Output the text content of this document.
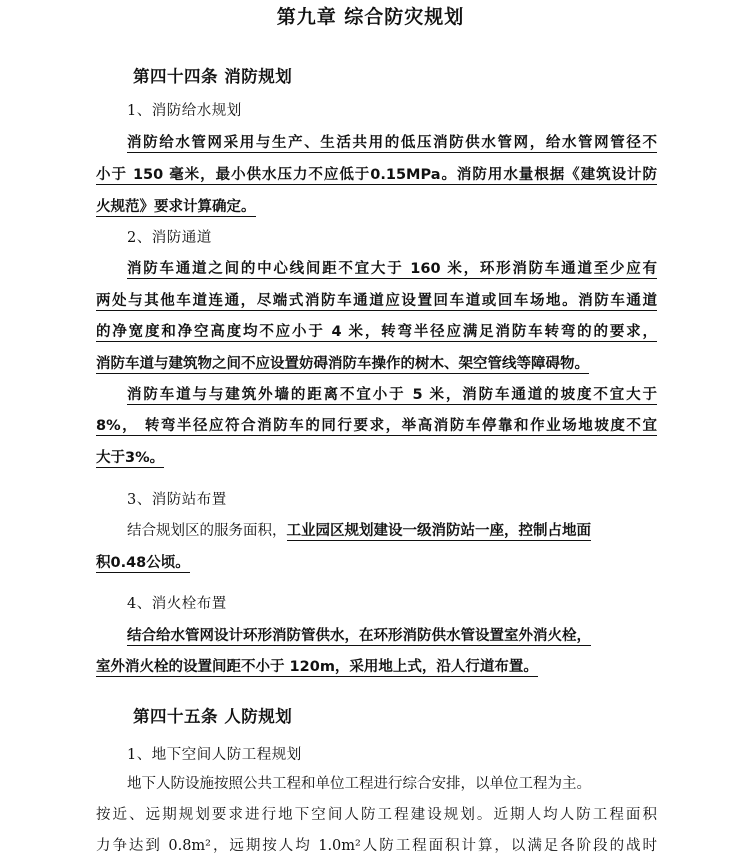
第九章 综合防灾规划
第四十四条 消防规划
1、消防给水规划
消防给水管网采用与生产、生活共用的低压消防供水管网，给水管网管径不
小于 150 毫米，最小供水压力不应低于0.15MPa。消防用水量根据《建筑设计防
火规范》要求计算确定。
2、消防通道
消防车通道之间的中心线间距不宜大于 160 米，环形消防车通道至少应有
两处与其他车道连通，尽端式消防车通道应设置回车道或回车场地。消防车通道
的净宽度和净空高度均不应小于 4 米，转弯半径应满足消防车转弯的的要求，
消防车道与建筑物之间不应设置妨碍消防车操作的树木、架空管线等障碍物。
消防车道与与建筑外墙的距离不宜小于 5 米，消防车通道的坡度不宜大于
8%， 转弯半径应符合消防车的同行要求，举高消防车停靠和作业场地坡度不宜
大于3%。
3、消防站布置
结合规划区的服务面积，工业园区规划建设一级消防站一座，控制占地面
积0.48公顷。
4、消火栓布置
结合给水管网设计环形消防管供水，在环形消防供水管设置室外消火栓，
室外消火栓的设置间距不小于 120m，采用地上式，沿人行道布置。
第四十五条 人防规划
1、地下空间人防工程规划
地下人防设施按照公共工程和单位工程进行综合安排，以单位工程为主。
按近、远期规划要求进行地下空间人防工程建设规划。近期人均人防工程面积
力争达到 0.8m²，远期按人均 1.0m²人防工程面积计算，以满足各阶段的战时
